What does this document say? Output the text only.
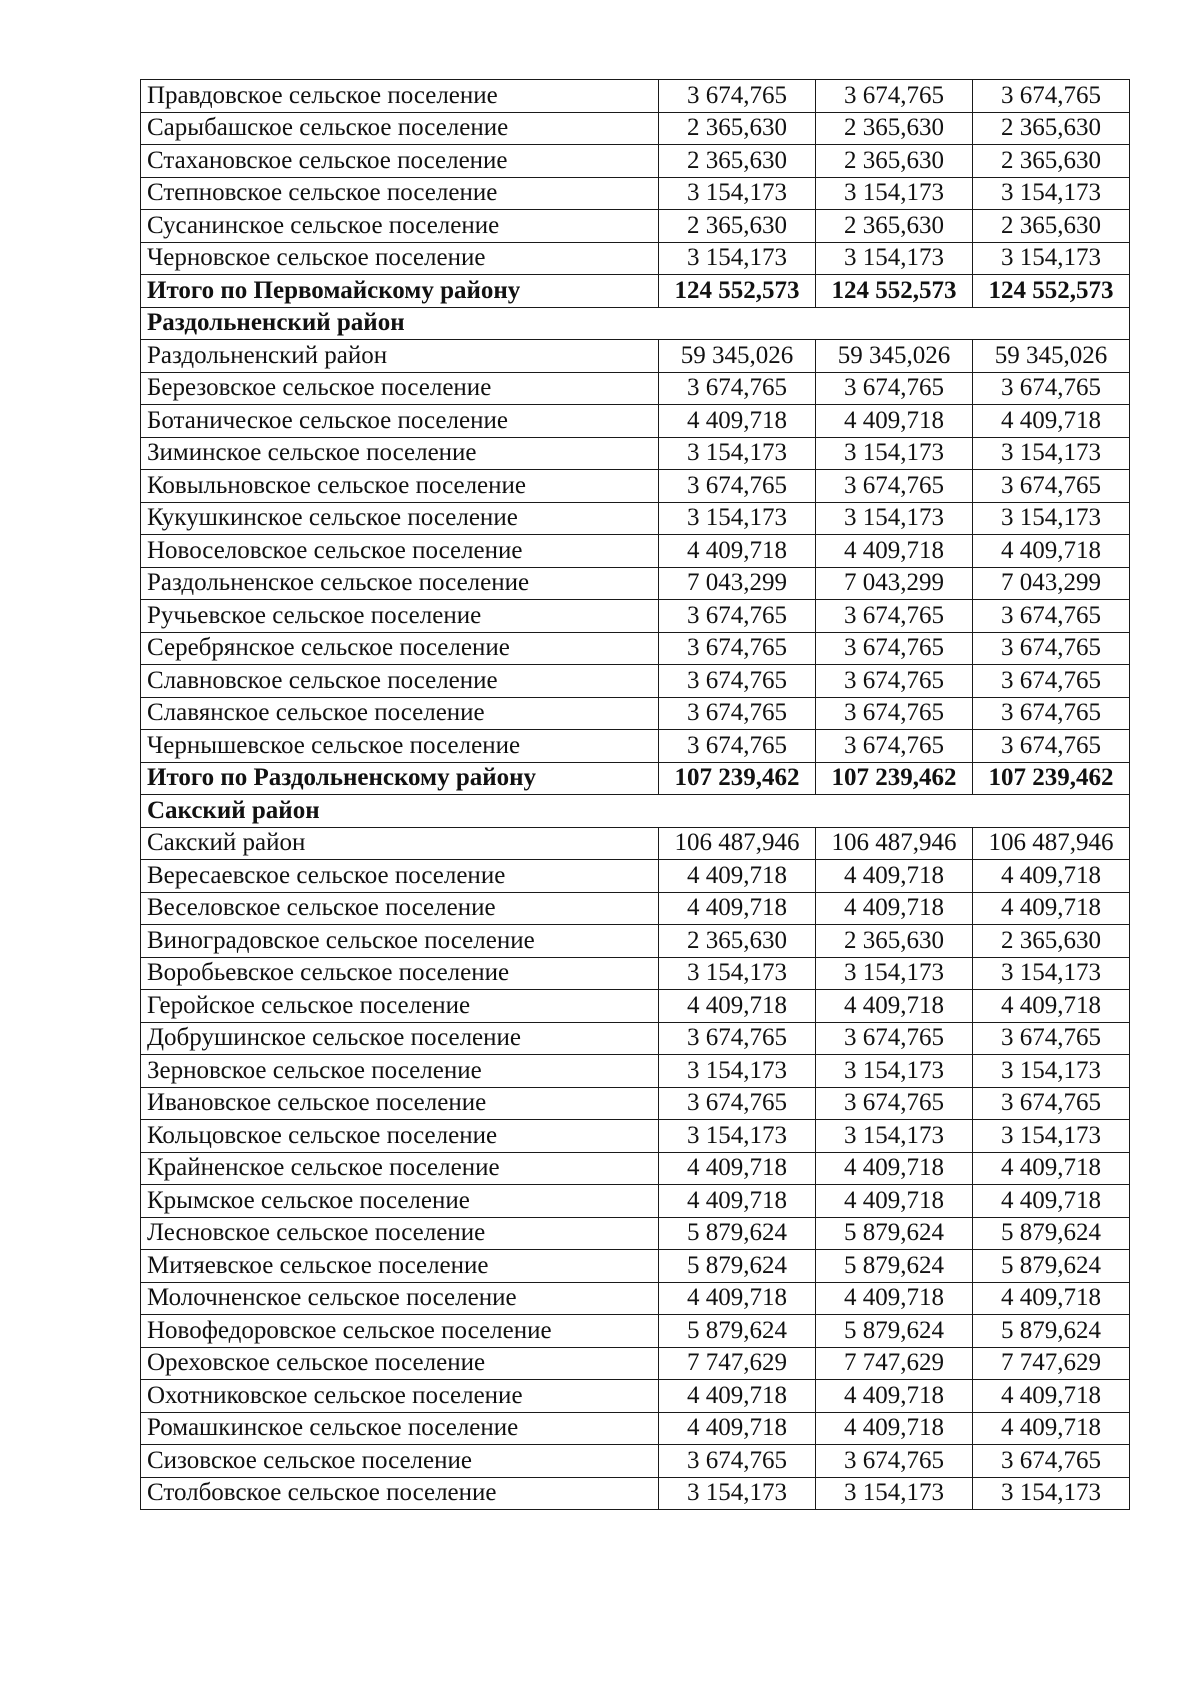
Правдовское сельское поселение	3 674,765	3 674,765	3 674,765
Сарыбашское сельское поселение	2 365,630	2 365,630	2 365,630
Стахановское сельское поселение	2 365,630	2 365,630	2 365,630
Степновское сельское поселение	3 154,173	3 154,173	3 154,173
Сусанинское сельское поселение	2 365,630	2 365,630	2 365,630
Черновское сельское поселение	3 154,173	3 154,173	3 154,173
Итого по Первомайскому району	124 552,573	124 552,573	124 552,573
Раздольненский район			
Раздольненский район	59 345,026	59 345,026	59 345,026
Березовское сельское поселение	3 674,765	3 674,765	3 674,765
Ботаническое сельское поселение	4 409,718	4 409,718	4 409,718
Зиминское сельское поселение	3 154,173	3 154,173	3 154,173
Ковыльновское сельское поселение	3 674,765	3 674,765	3 674,765
Кукушкинское сельское поселение	3 154,173	3 154,173	3 154,173
Новоселовское сельское поселение	4 409,718	4 409,718	4 409,718
Раздольненское сельское поселение	7 043,299	7 043,299	7 043,299
Ручьевское сельское поселение	3 674,765	3 674,765	3 674,765
Серебрянское сельское поселение	3 674,765	3 674,765	3 674,765
Славновское сельское поселение	3 674,765	3 674,765	3 674,765
Славянское сельское поселение	3 674,765	3 674,765	3 674,765
Чернышевское сельское поселение	3 674,765	3 674,765	3 674,765
Итого по Раздольненскому району	107 239,462	107 239,462	107 239,462
Сакский район			
Сакский район	106 487,946	106 487,946	106 487,946
Вересаевское сельское поселение	4 409,718	4 409,718	4 409,718
Веселовское сельское поселение	4 409,718	4 409,718	4 409,718
Виноградовское сельское поселение	2 365,630	2 365,630	2 365,630
Воробьевское сельское поселение	3 154,173	3 154,173	3 154,173
Геройское сельское поселение	4 409,718	4 409,718	4 409,718
Добрушинское сельское поселение	3 674,765	3 674,765	3 674,765
Зерновское сельское поселение	3 154,173	3 154,173	3 154,173
Ивановское сельское поселение	3 674,765	3 674,765	3 674,765
Кольцовское сельское поселение	3 154,173	3 154,173	3 154,173
Крайненское сельское поселение	4 409,718	4 409,718	4 409,718
Крымское сельское поселение	4 409,718	4 409,718	4 409,718
Лесновское сельское поселение	5 879,624	5 879,624	5 879,624
Митяевское сельское поселение	5 879,624	5 879,624	5 879,624
Молочненское сельское поселение	4 409,718	4 409,718	4 409,718
Новофедоровское сельское поселение	5 879,624	5 879,624	5 879,624
Ореховское сельское поселение	7 747,629	7 747,629	7 747,629
Охотниковское сельское поселение	4 409,718	4 409,718	4 409,718
Ромашкинское сельское поселение	4 409,718	4 409,718	4 409,718
Сизовское сельское поселение	3 674,765	3 674,765	3 674,765
Столбовское сельское поселение	3 154,173	3 154,173	3 154,173
